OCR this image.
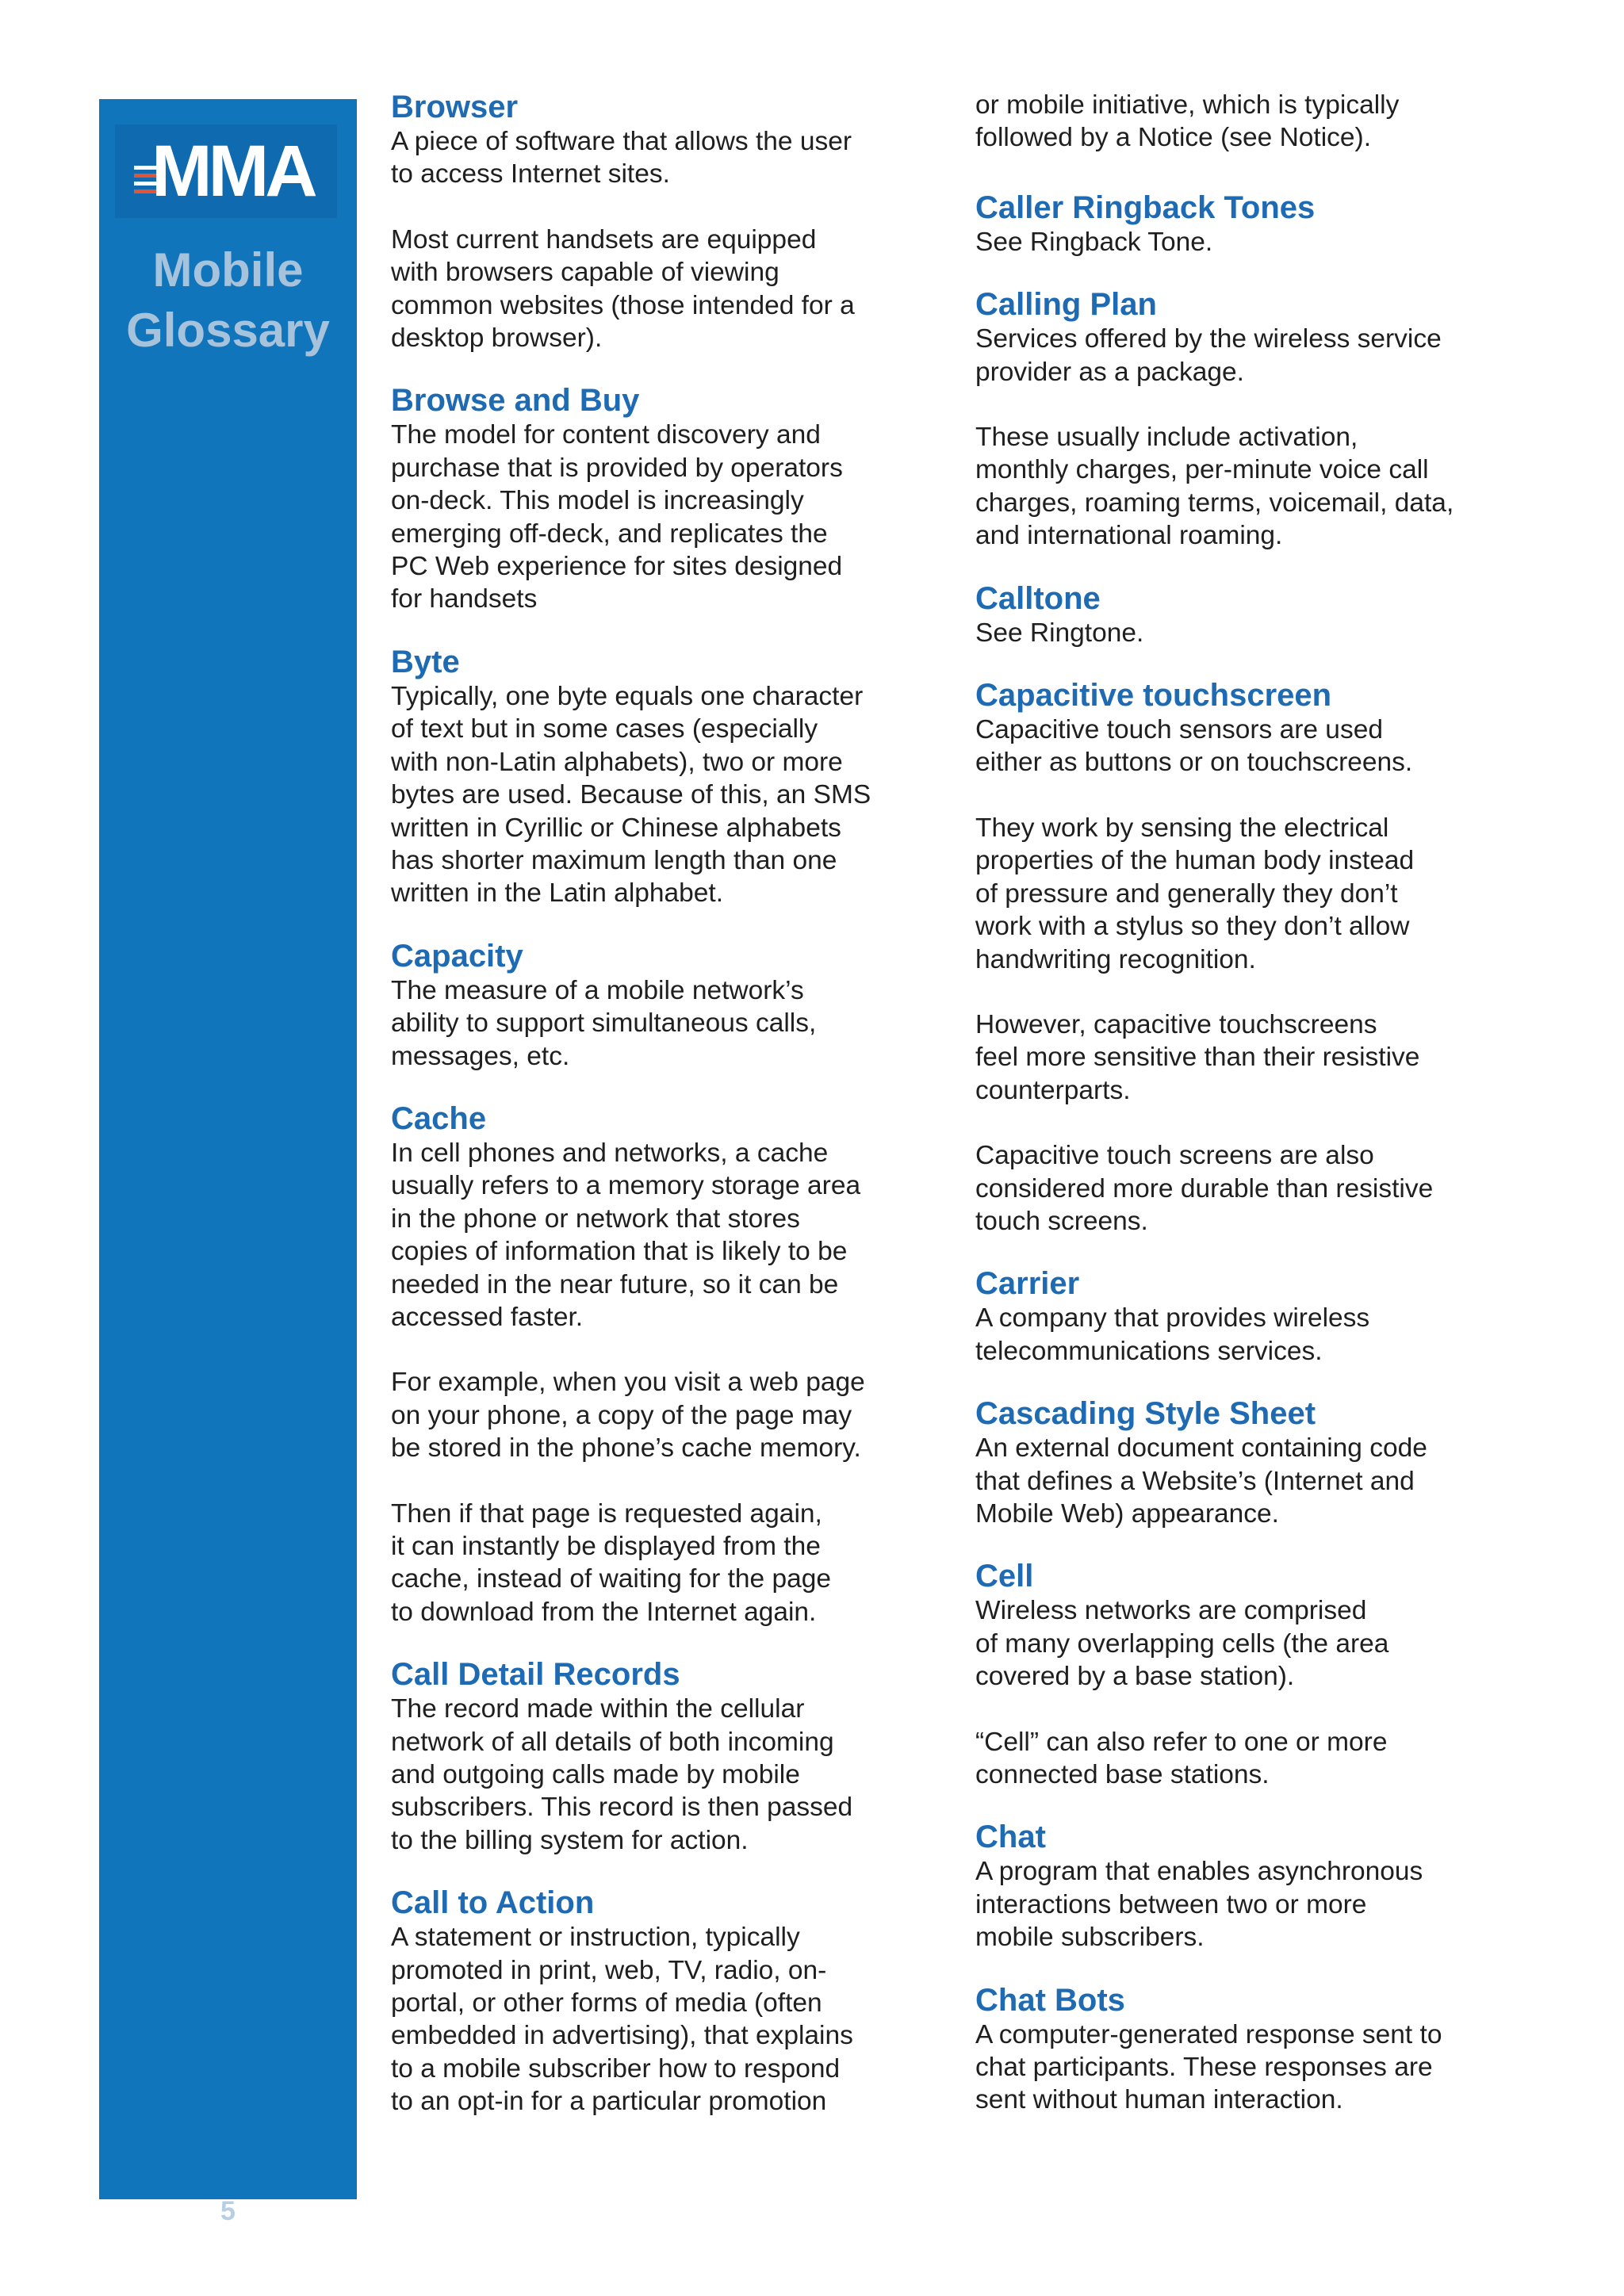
MMA
Mobile
Glossary
5
Browser

A piece of software that allows the user
to access Internet sites.

Most current handsets are equipped
with browsers capable of viewing
common websites (those intended for a
desktop browser).

Browse and Buy

The model for content discovery and
purchase that is provided by operators
on-deck. This model is increasingly
emerging off-deck, and replicates the
PC Web experience for sites designed
for handsets

Byte

Typically, one byte equals one character
of text but in some cases (especially
with non-Latin alphabets), two or more
bytes are used. Because of this, an SMS
written in Cyrillic or Chinese alphabets
has shorter maximum length than one
written in the Latin alphabet.

Capacity

The measure of a mobile network’s
ability to support simultaneous calls,
messages, etc.

Cache

In cell phones and networks, a cache
usually refers to a memory storage area
in the phone or network that stores
copies of information that is likely to be
needed in the near future, so it can be
accessed faster.

For example, when you visit a web page
on your phone, a copy of the page may
be stored in the phone’s cache memory.

Then if that page is requested again,
it can instantly be displayed from the
cache, instead of waiting for the page
to download from the Internet again.

Call Detail Records

The record made within the cellular
network of all details of both incoming
and outgoing calls made by mobile
subscribers. This record is then passed
to the billing system for action.

Call to Action

A statement or instruction, typically
promoted in print, web, TV, radio, on-
portal, or other forms of media (often
embedded in advertising), that explains
to a mobile subscriber how to respond
to an opt-in for a particular promotion

or mobile initiative, which is typically
followed by a Notice (see Notice).

Caller Ringback Tones

See Ringback Tone.

Calling Plan

Services offered by the wireless service
provider as a package.

These usually include activation,
monthly charges, per-minute voice call
charges, roaming terms, voicemail, data,
and international roaming.

Calltone

See Ringtone.

Capacitive touchscreen

Capacitive touch sensors are used
either as buttons or on touchscreens.

They work by sensing the electrical
properties of the human body instead
of pressure and generally they don’t
work with a stylus so they don’t allow
handwriting recognition.

However, capacitive touchscreens
feel more sensitive than their resistive
counterparts.

Capacitive touch screens are also
considered more durable than resistive
touch screens.

Carrier

A company that provides wireless
telecommunications services.

Cascading Style Sheet

An external document containing code
that defines a Website’s (Internet and
Mobile Web) appearance.

Cell

Wireless networks are comprised
of many overlapping cells (the area
covered by a base station).

“Cell” can also refer to one or more
connected base stations.

Chat

A program that enables asynchronous
interactions between two or more
mobile subscribers.

Chat Bots

A computer-generated response sent to
chat participants. These responses are
sent without human interaction.
